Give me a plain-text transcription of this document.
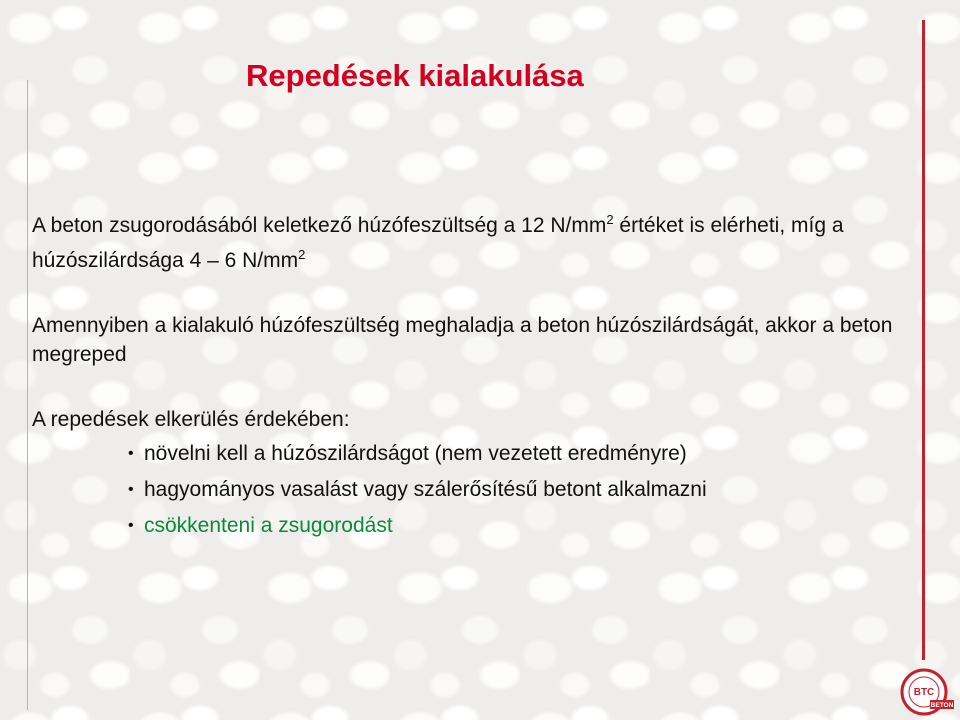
Repedések kialakulása

A beton zsugorodásából keletkező húzófeszültség a 12 $N/mm^2$ értéket is elérheti, míg a húzószilárdsága 4 – 6 $N/mm^2$

Amennyiben a kialakuló húzófeszültség meghaladja a beton húzószilárdságát, akkor a beton megreped

A repedések elkerülés érdekében:

• növelni kell a húzószilárdságot (nem vezetett eredményre)
• hagyományos vasalást vagy szálerősítésű betont alkalmazni
• csökkenteni a zsugorodást
BTC
BETON
